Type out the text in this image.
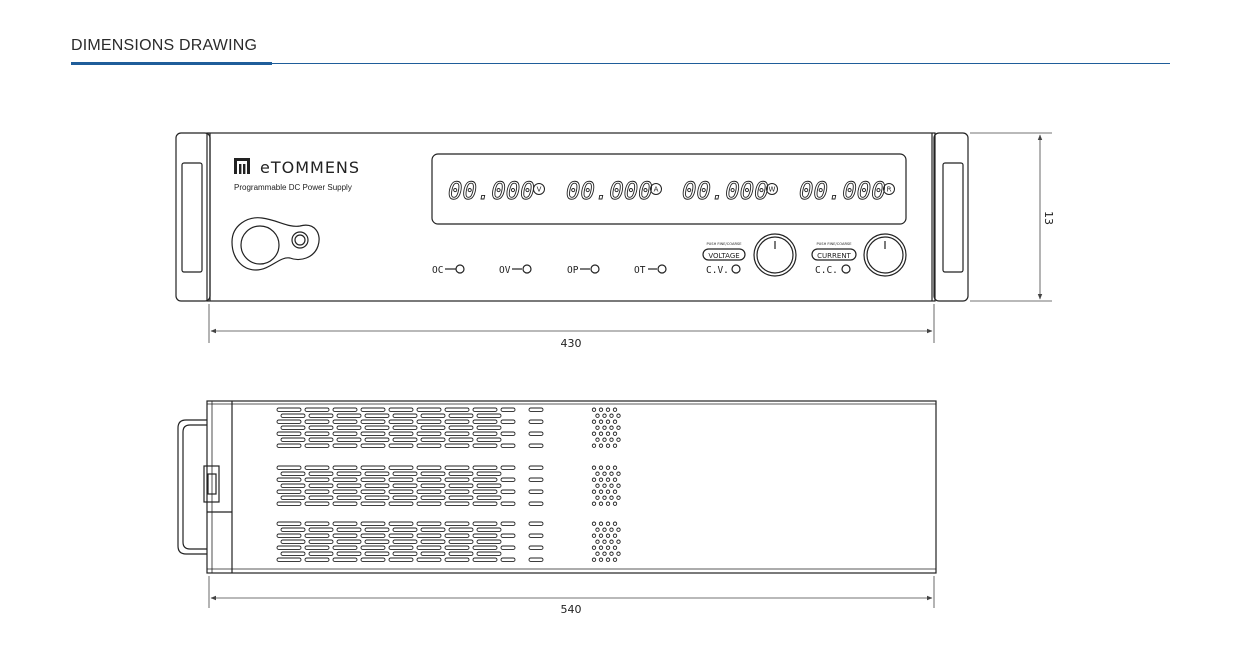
DIMENSIONS DRAWING
eTOMMENS
Programmable DC Power Supply	00.000 00.000 00.000 00.000
V	A	W	R
OC	OV	OP	OT	C.V.	C.C.
VOLTAGE	CURRENT
PUSH FINE/COARSE	PUSH FINE/COARSE
430
13
540
